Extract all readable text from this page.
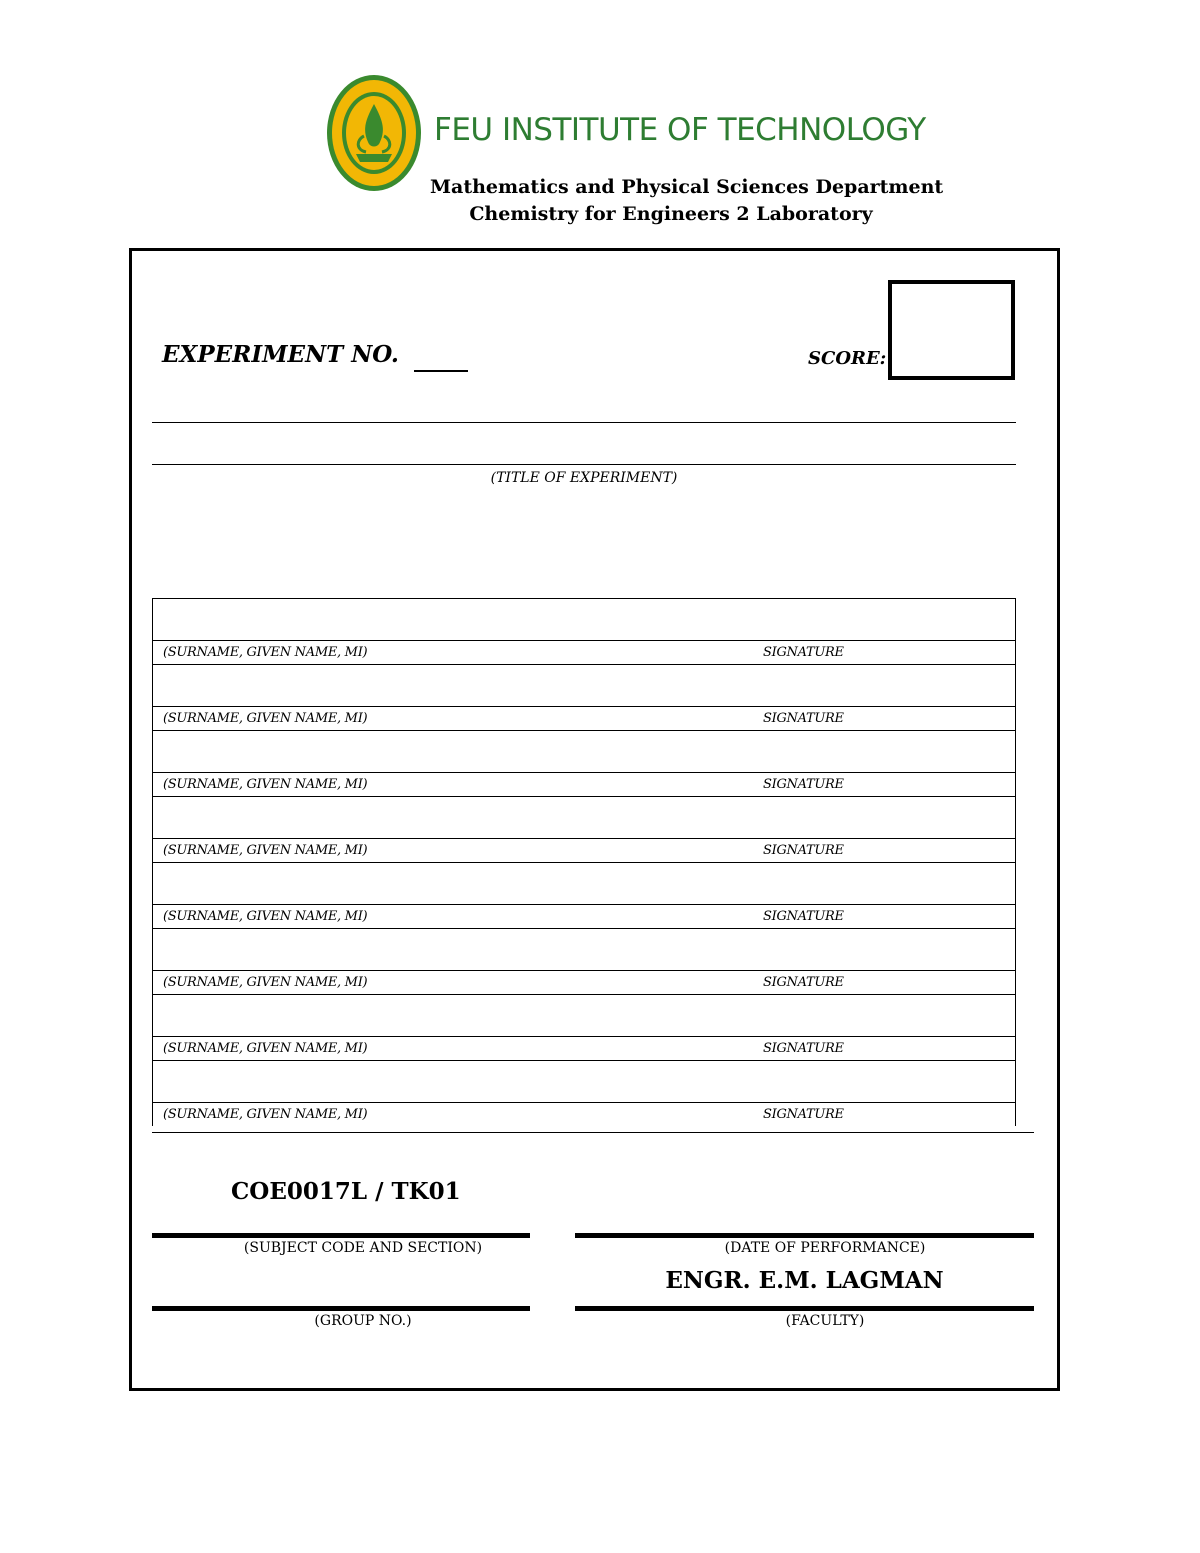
FEU INSTITUTE OF TECHNOLOGY
Mathematics and Physical Sciences Department
Chemistry for Engineers 2 Laboratory
EXPERIMENT NO.	SCORE:
(TITLE OF EXPERIMENT)
(SURNAME, GIVEN NAME, MI)	SIGNATURE
(SURNAME, GIVEN NAME, MI)	SIGNATURE
(SURNAME, GIVEN NAME, MI)	SIGNATURE
(SURNAME, GIVEN NAME, MI)	SIGNATURE
(SURNAME, GIVEN NAME, MI)	SIGNATURE
(SURNAME, GIVEN NAME, MI)	SIGNATURE
(SURNAME, GIVEN NAME, MI)	SIGNATURE
(SURNAME, GIVEN NAME, MI)	SIGNATURE
COE0017L / TK01
(SUBJECT CODE AND SECTION)	(DATE OF PERFORMANCE)
ENGR. E.M. LAGMAN
(GROUP NO.)	(FACULTY)
